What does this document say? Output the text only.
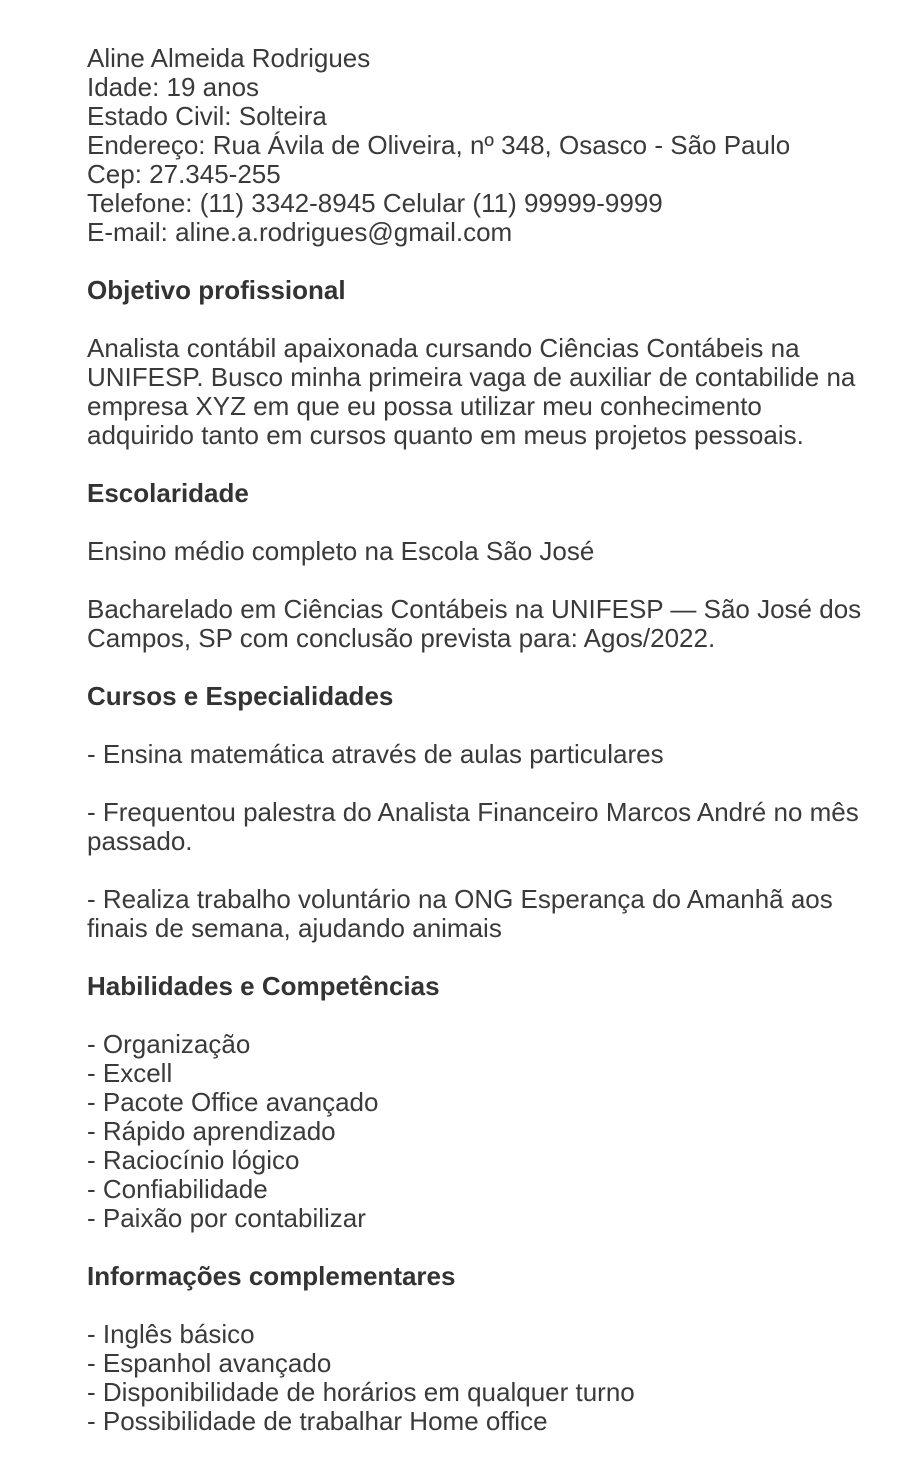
Aline Almeida Rodrigues
Idade: 19 anos
Estado Civil: Solteira
Endereço: Rua Ávila de Oliveira, nº 348, Osasco - São Paulo
Cep: 27.345-255
Telefone: (11) 3342-8945 Celular (11) 99999-9999
E-mail: aline.a.rodrigues@gmail.com
Objetivo profissional
Analista contábil apaixonada cursando Ciências Contábeis na
UNIFESP. Busco minha primeira vaga de auxiliar de contabilide na
empresa XYZ em que eu possa utilizar meu conhecimento
adquirido tanto em cursos quanto em meus projetos pessoais.
Escolaridade
Ensino médio completo na Escola São José
Bacharelado em Ciências Contábeis na UNIFESP — São José dos
Campos, SP com conclusão prevista para: Agos/2022.
Cursos e Especialidades
- Ensina matemática através de aulas particulares
- Frequentou palestra do Analista Financeiro Marcos André no mês
passado.
- Realiza trabalho voluntário na ONG Esperança do Amanhã aos
finais de semana, ajudando animais
Habilidades e Competências
- Organização
- Excell
- Pacote Office avançado
- Rápido aprendizado
- Raciocínio lógico
- Confiabilidade
- Paixão por contabilizar
Informações complementares
- Inglês básico
- Espanhol avançado
- Disponibilidade de horários em qualquer turno
- Possibilidade de trabalhar Home office
